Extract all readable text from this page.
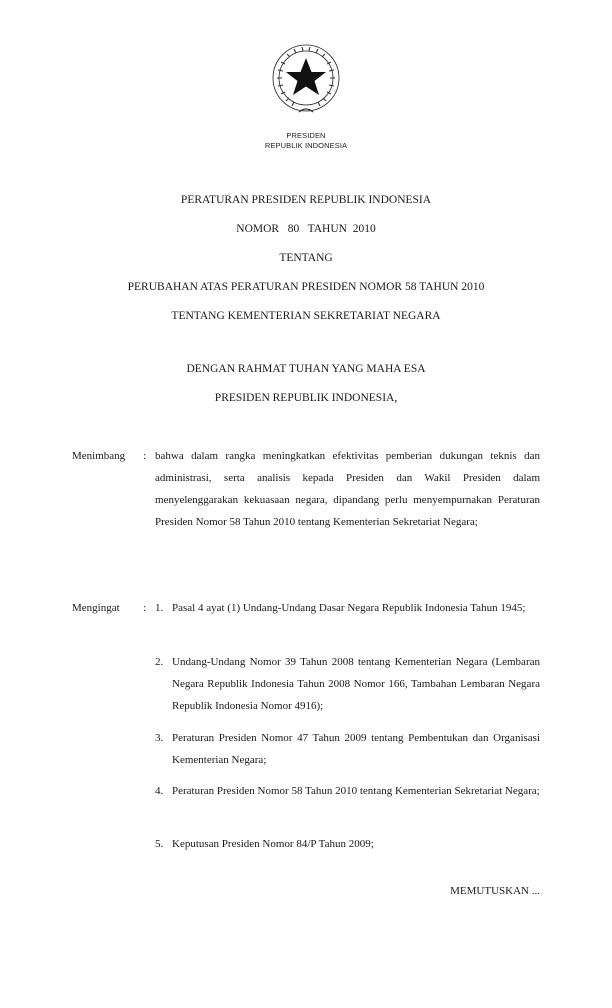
PRESIDEN
REPUBLIK INDONESIA
PERATURAN PRESIDEN REPUBLIK INDONESIA
NOMOR   80   TAHUN  2010
TENTANG
PERUBAHAN ATAS PERATURAN PRESIDEN NOMOR 58 TAHUN 2010
TENTANG KEMENTERIAN SEKRETARIAT NEGARA
DENGAN RAHMAT TUHAN YANG MAHA ESA
PRESIDEN REPUBLIK INDONESIA,
Menimbang : bahwa dalam rangka meningkatkan efektivitas pemberian dukungan teknis dan administrasi, serta analisis kepada Presiden dan Wakil Presiden dalam menyelenggarakan kekuasaan negara, dipandang perlu menyempurnakan Peraturan Presiden Nomor 58 Tahun 2010 tentang Kementerian Sekretariat Negara;
Mengingat : 1. Pasal 4 ayat (1) Undang-Undang Dasar Negara Republik Indonesia Tahun 1945;
2. Undang-Undang Nomor 39 Tahun 2008 tentang Kementerian Negara (Lembaran Negara Republik Indonesia Tahun 2008 Nomor 166, Tambahan Lembaran Negara Republik Indonesia Nomor 4916);
3. Peraturan Presiden Nomor 47 Tahun 2009 tentang Pembentukan dan Organisasi Kementerian Negara;
4. Peraturan Presiden Nomor 58 Tahun 2010 tentang Kementerian Sekretariat Negara;
5. Keputusan Presiden Nomor 84/P Tahun 2009;
MEMUTUSKAN ...
